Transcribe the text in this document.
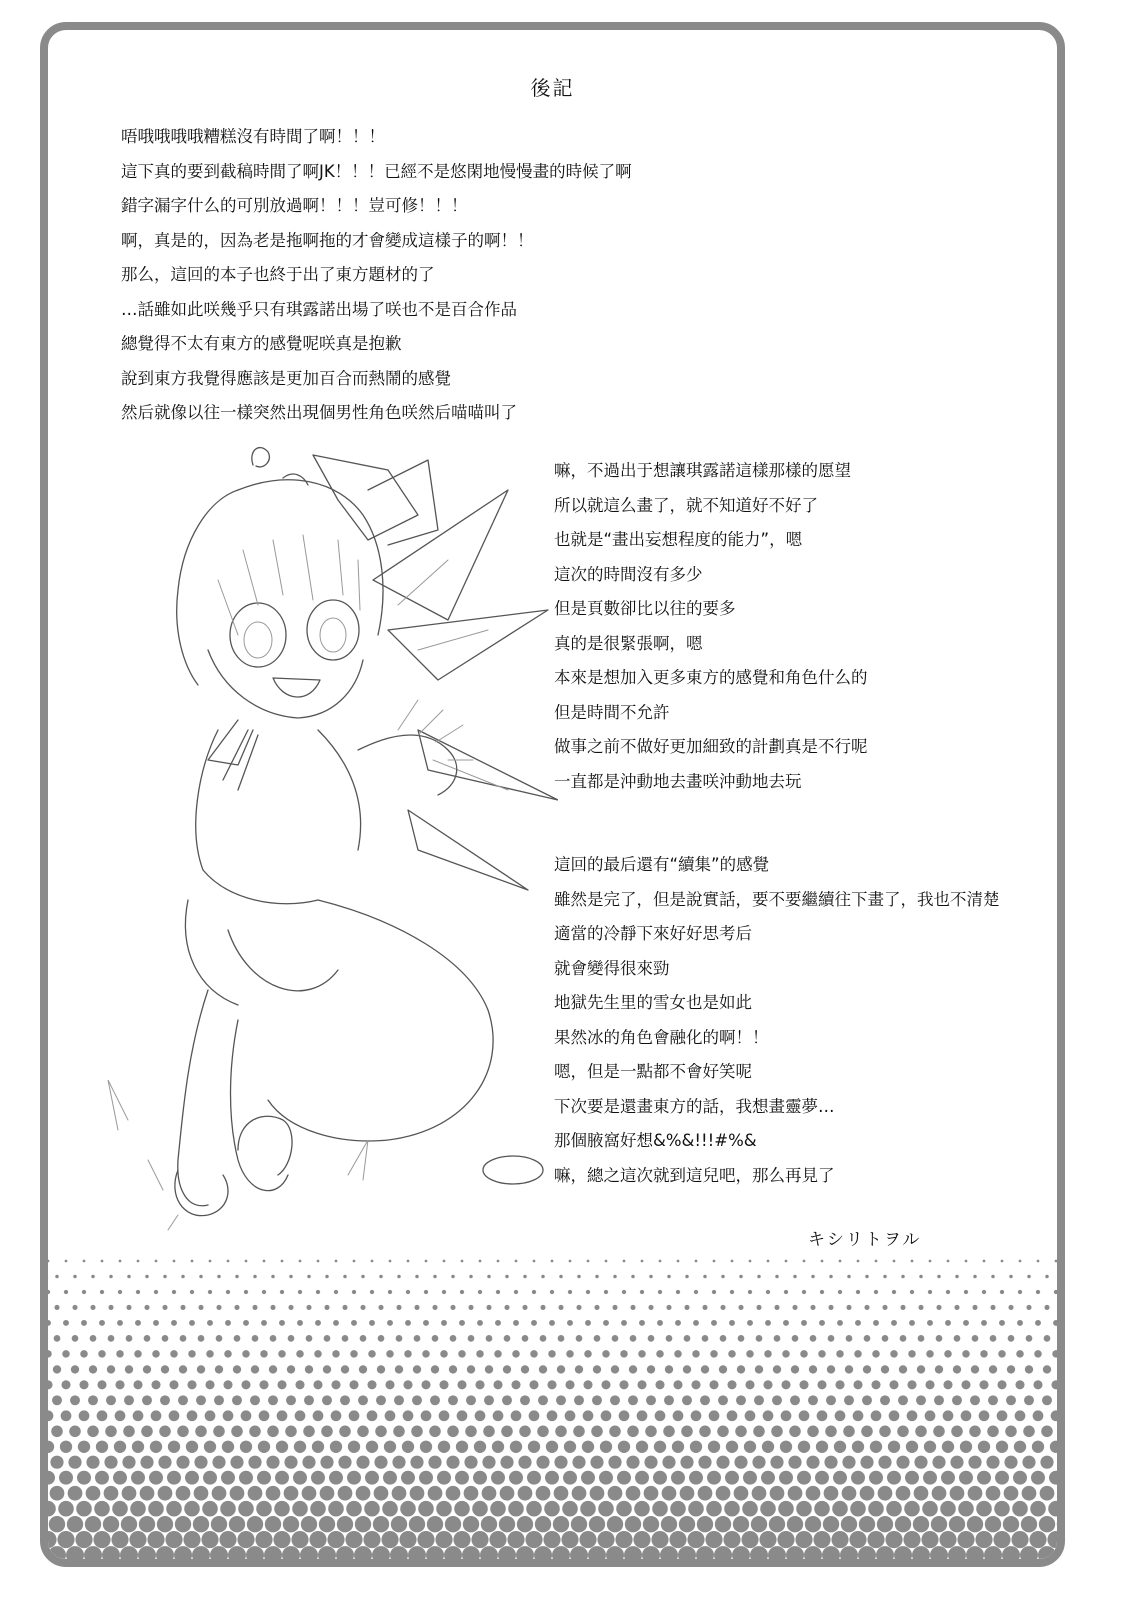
後記
唔哦哦哦哦糟糕沒有時間了啊！！！
這下真的要到截稿時間了啊JK！！！已經不是悠閑地慢慢畫的時候了啊
錯字漏字什么的可別放過啊！！！豈可修！！！
啊，真是的，因為老是拖啊拖的才會變成這樣子的啊！！
那么，這回的本子也終于出了東方題材的了
…話雖如此咲幾乎只有琪露諾出場了咲也不是百合作品
總覺得不太有東方的感覺呢咲真是抱歉
說到東方我覺得應該是更加百合而熱鬧的感覺
然后就像以往一樣突然出現個男性角色咲然后喵喵叫了
嘛，不過出于想讓琪露諾這樣那樣的愿望
所以就這么畫了，就不知道好不好了
也就是“畫出妄想程度的能力”，嗯
這次的時間沒有多少
但是頁數卻比以往的要多
真的是很緊張啊，嗯
本來是想加入更多東方的感覺和角色什么的
但是時間不允許
做事之前不做好更加細致的計劃真是不行呢
一直都是沖動地去畫咲沖動地去玩
這回的最后還有“續集”的感覺
雖然是完了，但是說實話，要不要繼續往下畫了，我也不清楚
適當的冷靜下來好好思考后
就會變得很來勁
地獄先生里的雪女也是如此
果然冰的角色會融化的啊！！
嗯，但是一點都不會好笑呢
下次要是還畫東方的話，我想畫靈夢…
那個腋窩好想&%&!!!#%&
嘛，總之這次就到這兒吧，那么再見了
キシリトヲル
